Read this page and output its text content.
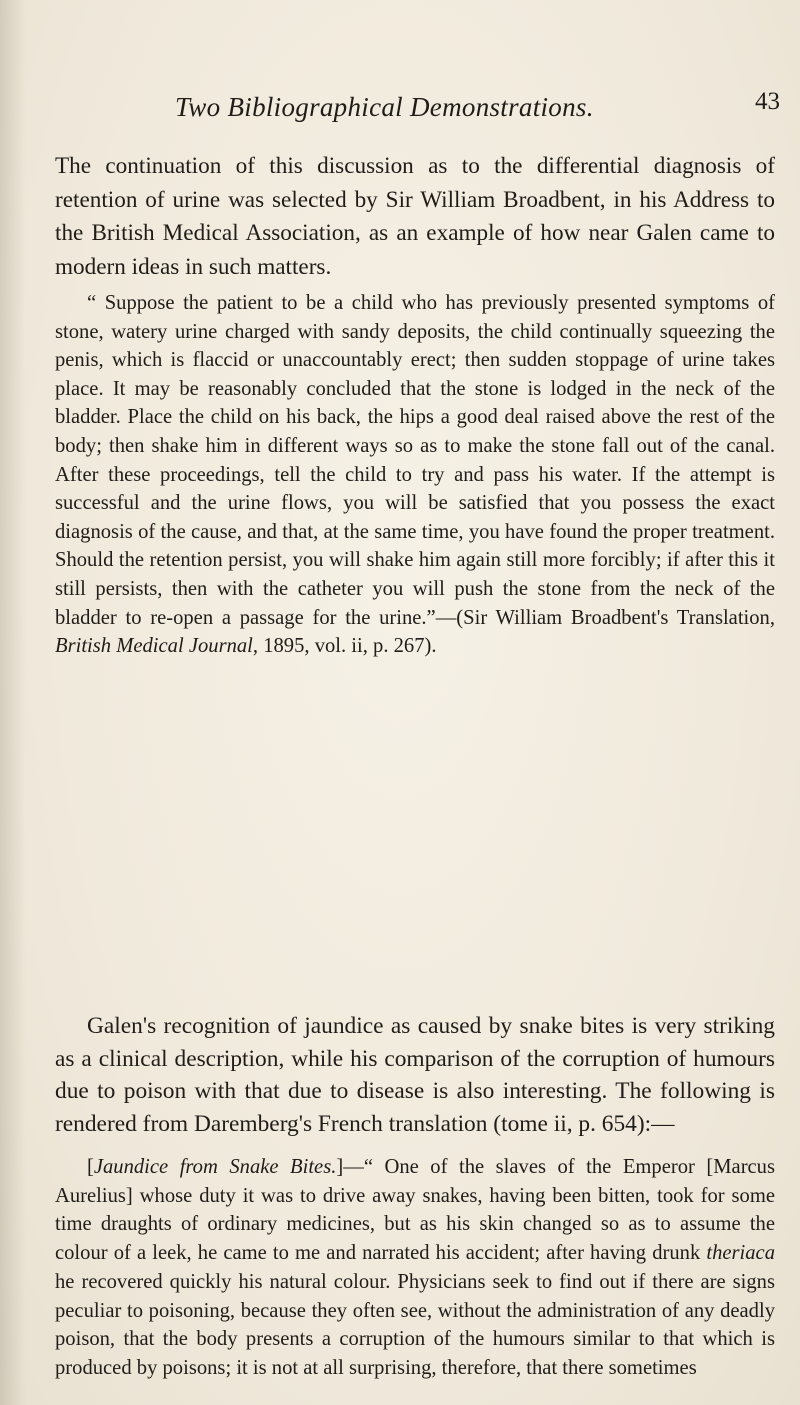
Two Bibliographical Demonstrations.	43

The continuation of this discussion as to the differential diagnosis of retention of urine was selected by Sir William Broadbent, in his Address to the British Medical Association, as an example of how near Galen came to modern ideas in such matters.

“ Suppose the patient to be a child who has previously presented symptoms of stone, watery urine charged with sandy deposits, the child continually squeezing the penis, which is flaccid or unaccountably erect; then sudden stoppage of urine takes place. It may be reasonably concluded that the stone is lodged in the neck of the bladder. Place the child on his back, the hips a good deal raised above the rest of the body; then shake him in different ways so as to make the stone fall out of the canal. After these proceedings, tell the child to try and pass his water. If the attempt is successful and the urine flows, you will be satisfied that you possess the exact diagnosis of the cause, and that, at the same time, you have found the proper treatment. Should the retention persist, you will shake him again still more forcibly; if after this it still persists, then with the catheter you will push the stone from the neck of the bladder to re-open a passage for the urine.”—(Sir William Broadbent's Translation, British Medical Journal, 1895, vol. ii, p. 267).

Galen's recognition of jaundice as caused by snake bites is very striking as a clinical description, while his comparison of the corruption of humours due to poison with that due to disease is also interesting. The following is rendered from Daremberg's French translation (tome ii, p. 654):—

[Jaundice from Snake Bites.]—“ One of the slaves of the Emperor [Marcus Aurelius] whose duty it was to drive away snakes, having been bitten, took for some time draughts of ordinary medicines, but as his skin changed so as to assume the colour of a leek, he came to me and narrated his accident; after having drunk theriaca he recovered quickly his natural colour. Physicians seek to find out if there are signs peculiar to poisoning, because they often see, without the administration of any deadly poison, that the body presents a corruption of the humours similar to that which is produced by poisons; it is not at all surprising, therefore, that there sometimes
